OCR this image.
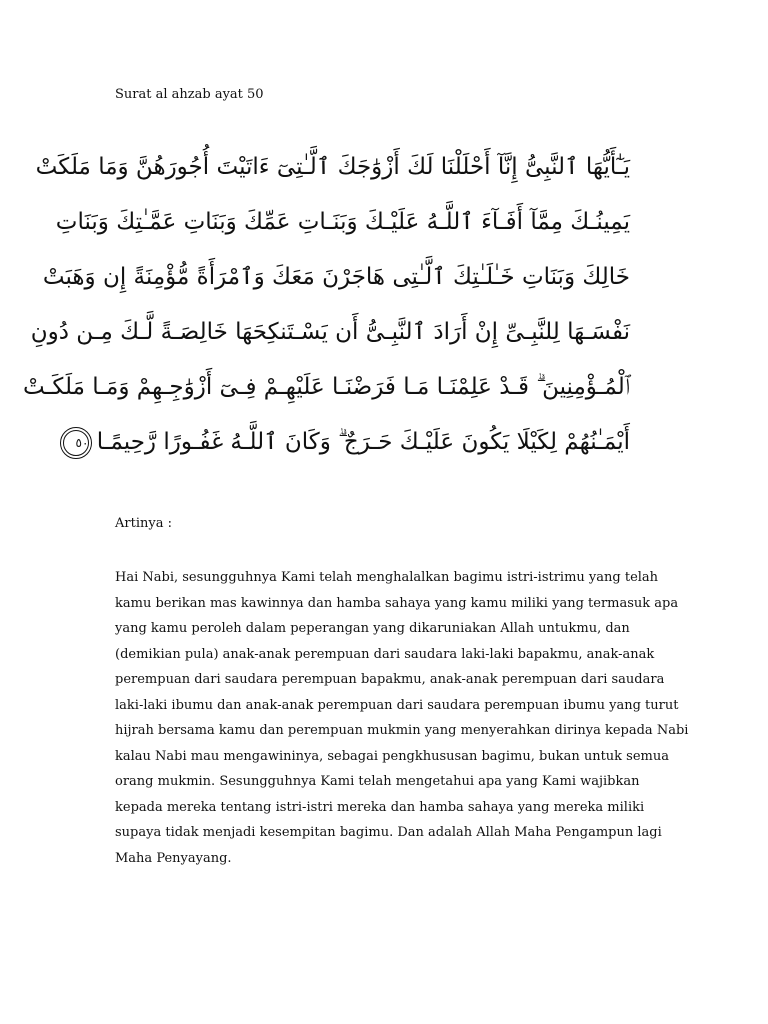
Surat al ahzab ayat 50
يَـٰٓأَيُّهَا ٱلنَّبِىُّ إِنَّآ أَحْلَلْنَا لَكَ أَزْوَٰجَكَ ٱلَّـٰتِىٓ ءَاتَيْتَ أُجُورَهُنَّ وَمَا مَلَكَتْ
يَمِينُـكَ مِمَّآ أَفَـآءَ ٱللَّـهُ عَلَيْـكَ وَبَنَـاتِ عَمِّكَ وَبَنَاتِ عَمَّـٰتِكَ وَبَنَاتِ
خَالِكَ وَبَنَاتِ خَـٰلَـٰتِكَ ٱلَّـٰتِى هَاجَرْنَ مَعَكَ وَٱمْرَأَةً مُّؤْمِنَةً إِن وَهَبَتْ
نَفْسَـهَا لِلنَّبِـىِّ إِنْ أَرَادَ ٱلنَّبِـىُّ أَن يَسْـتَنكِحَهَا خَالِصَـةً لَّـكَ مِـن دُونِ
ٱلْمُـؤْمِنِينَ ۗ قَـدْ عَلِمْنَـا مَـا فَرَضْنَـا عَلَيْهِـمْ فِـىٓ أَزْوَٰجِـهِمْ وَمَـا مَلَكَـتْ
أَيْمَـٰنُهُمْ لِكَيْلَا يَكُونَ عَلَيْـكَ حَـرَجٌ ۗ وَكَانَ ٱللَّـهُ غَفُـورًا رَّحِيمًـا ٥٠
Artinya :
Hai Nabi, sesungguhnya Kami telah menghalalkan bagimu istri-istrimu yang telah
kamu berikan mas kawinnya dan hamba sahaya yang kamu miliki yang termasuk apa
yang kamu peroleh dalam peperangan yang dikaruniakan Allah untukmu, dan
(demikian pula) anak-anak perempuan dari saudara laki-laki bapakmu, anak-anak
perempuan dari saudara perempuan bapakmu, anak-anak perempuan dari saudara
laki-laki ibumu dan anak-anak perempuan dari saudara perempuan ibumu yang turut
hijrah bersama kamu dan perempuan mukmin yang menyerahkan dirinya kepada Nabi
kalau Nabi mau mengawininya, sebagai pengkhususan bagimu, bukan untuk semua
orang mukmin. Sesungguhnya Kami telah mengetahui apa yang Kami wajibkan
kepada mereka tentang istri-istri mereka dan hamba sahaya yang mereka miliki
supaya tidak menjadi kesempitan bagimu. Dan adalah Allah Maha Pengampun lagi
Maha Penyayang.
